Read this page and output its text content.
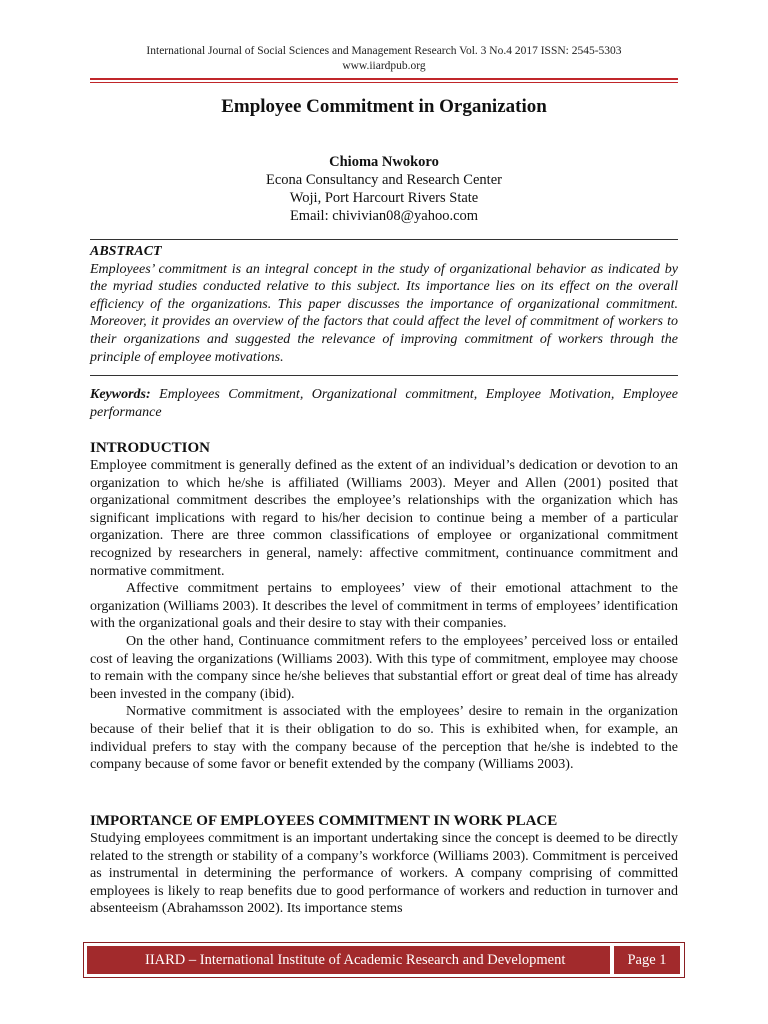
International Journal of Social Sciences and Management Research Vol. 3 No.4 2017 ISSN: 2545-5303
www.iiardpub.org
Employee Commitment in Organization
Chioma Nwokoro
Econa Consultancy and Research Center
Woji, Port Harcourt Rivers State
Email: chivivian08@yahoo.com
ABSTRACT

Employees’ commitment is an integral concept in the study of organizational behavior as indicated by the myriad studies conducted relative to this subject. Its importance lies on its effect on the overall efficiency of the organizations. This paper discusses the importance of organizational commitment. Moreover, it provides an overview of the factors that could affect the level of commitment of workers to their organizations and suggested the relevance of improving commitment of workers through the principle of employee motivations.

Keywords: Employees Commitment, Organizational commitment, Employee Motivation, Employee performance
INTRODUCTION

Employee commitment is generally defined as the extent of an individual’s dedication or devotion to an organization to which he/she is affiliated (Williams 2003). Meyer and Allen (2001) posited that organizational commitment describes the employee’s relationships with the organization which has significant implications with regard to his/her decision to continue being a member of a particular organization. There are three common classifications of employee or organizational commitment recognized by researchers in general, namely: affective commitment, continuance commitment and normative commitment.

Affective commitment pertains to employees’ view of their emotional attachment to the organization (Williams 2003). It describes the level of commitment in terms of employees’ identification with the organizational goals and their desire to stay with their companies.

On the other hand, Continuance commitment refers to the employees’ perceived loss or entailed cost of leaving the organizations (Williams 2003). With this type of commitment, employee may choose to remain with the company since he/she believes that substantial effort or great deal of time has already been invested in the company (ibid).

Normative commitment is associated with the employees’ desire to remain in the organization because of their belief that it is their obligation to do so. This is exhibited when, for example, an individual prefers to stay with the company because of the perception that he/she is indebted to the company because of some favor or benefit extended by the company (Williams 2003).

IMPORTANCE OF EMPLOYEES COMMITMENT IN WORK PLACE

Studying employees commitment is an important undertaking since the concept is deemed to be directly related to the strength or stability of a company’s workforce (Williams 2003). Commitment is perceived as instrumental in determining the performance of workers. A company comprising of committed employees is likely to reap benefits due to good performance of workers and reduction in turnover and absenteeism (Abrahamsson 2002). Its importance stems

IIARD – International Institute of Academic Research and Development	Page 1
